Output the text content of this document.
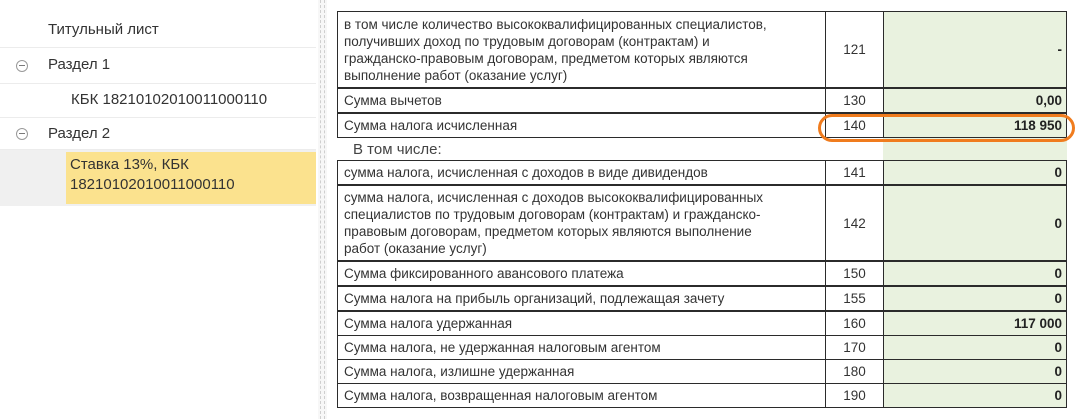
Титульный лист
Раздел 1
КБК 18210102010011000110
Раздел 2
Ставка 13%, КБК
18210102010011000110
в том числе количество высококвалифицированных специалистов,
получивших доход по трудовым договорам (контрактам) и
гражданско-правовым договорам, предметом которых являются
выполнение работ (оказание услуг)
121	-
Сумма вычетов	130	0,00
Сумма налога исчисленная	140	118 950
В том числе:
сумма налога, исчисленная с доходов в виде дивидендов	141	0
сумма налога, исчисленная с доходов высококвалифицированных
специалистов по трудовым договорам (контрактам) и гражданско-
правовым договорам, предметом которых являются выполнение
работ (оказание услуг)
142	0
Сумма фиксированного авансового платежа	150	0
Сумма налога на прибыль организаций, подлежащая зачету	155	0
Сумма налога удержанная	160	117 000
Сумма налога, не удержанная налоговым агентом	170	0
Сумма налога, излишне удержанная	180	0
Сумма налога, возвращенная налоговым агентом	190	0
